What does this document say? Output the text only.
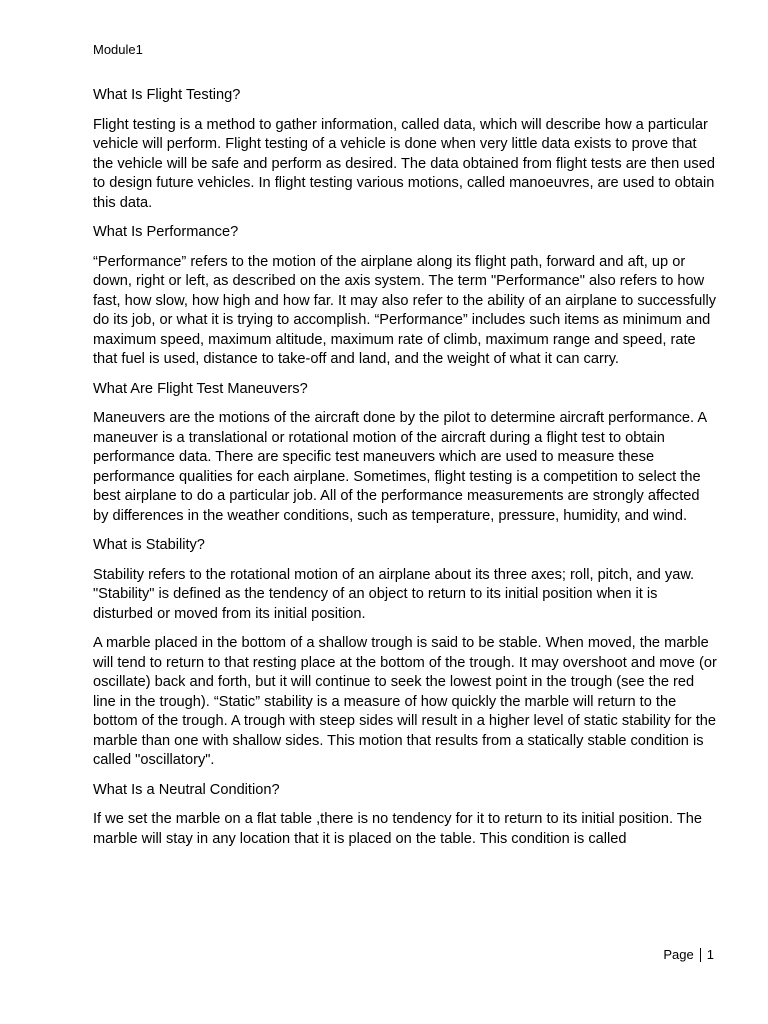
Module1

What Is Flight Testing?

Flight testing is a method to gather information, called data, which will describe how a particular vehicle will perform. Flight testing of a vehicle is done when very little data exists to prove that the vehicle will be safe and perform as desired. The data obtained from flight tests are then used to design future vehicles. In flight testing various motions, called manoeuvres, are used to obtain this data.

What Is Performance?

“Performance” refers to the motion of the airplane along its flight path, forward and aft, up or down, right or left, as described on the axis system. The term "Performance" also refers to how fast, how slow, how high and how far. It may also refer to the ability of an airplane to successfully do its job, or what it is trying to accomplish. “Performance” includes such items as minimum and maximum speed, maximum altitude, maximum rate of climb, maximum range and speed, rate that fuel is used, distance to take-off and land, and the weight of what it can carry.

What Are Flight Test Maneuvers?

Maneuvers are the motions of the aircraft done by the pilot to determine aircraft performance. A maneuver is a translational or rotational motion of the aircraft during a flight test to obtain performance data. There are specific test maneuvers which are used to measure these performance qualities for each airplane. Sometimes, flight testing is a competition to select the best airplane to do a particular job. All of the performance measurements are strongly affected by differences in the weather conditions, such as temperature, pressure, humidity, and wind.

What is Stability?

Stability refers to the rotational motion of an airplane about its three axes; roll, pitch, and yaw. "Stability" is defined as the tendency of an object to return to its initial position when it is disturbed or moved from its initial position.

A marble placed in the bottom of a shallow trough is said to be stable. When moved, the marble will tend to return to that resting place at the bottom of the trough. It may overshoot and move (or oscillate) back and forth, but it will continue to seek the lowest point in the trough (see the red line in the trough). “Static” stability is a measure of how quickly the marble will return to the bottom of the trough. A trough with steep sides will result in a higher level of static stability for the marble than one with shallow sides. This motion that results from a statically stable condition is called "oscillatory".

What Is a Neutral Condition?

If we set the marble on a flat table ,there is no tendency for it to return to its initial position. The marble will stay in any location that it is placed on the table. This condition is called

Page 1
